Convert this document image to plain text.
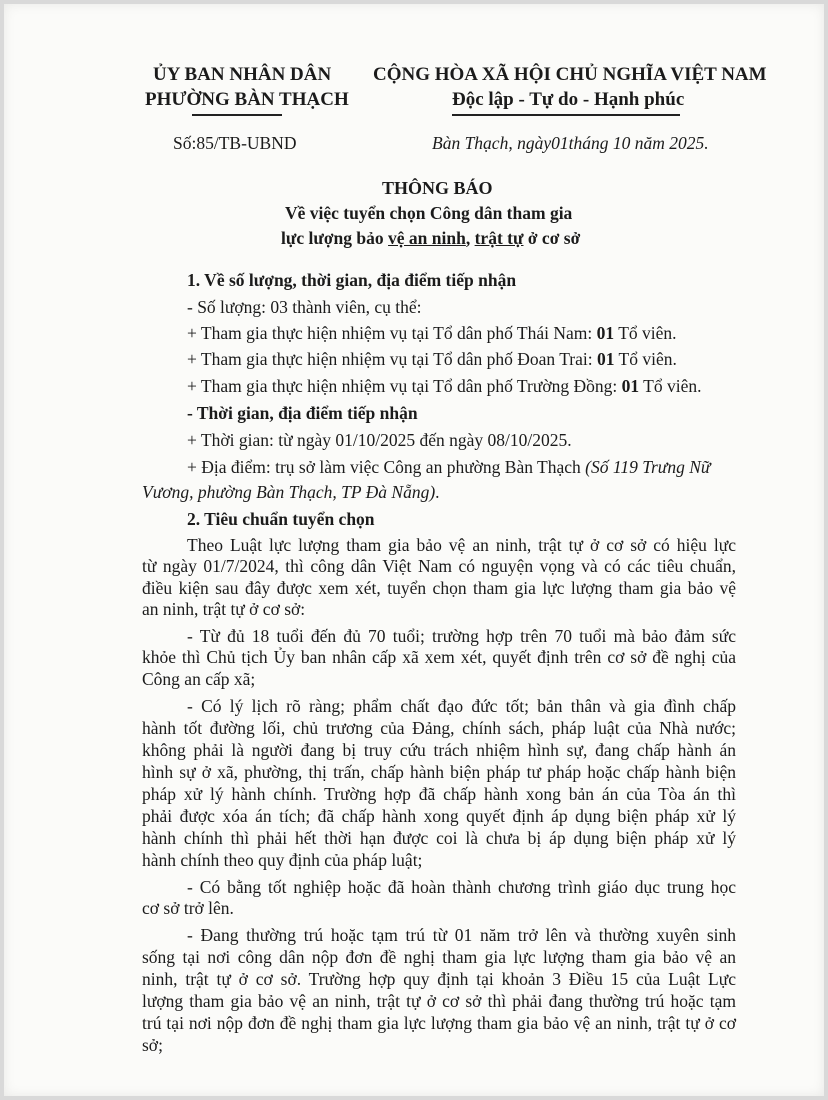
ỦY BAN NHÂN DÂN
PHƯỜNG BÀN THẠCH
CỘNG HÒA XÃ HỘI CHỦ NGHĨA VIỆT NAM
Độc lập - Tự do - Hạnh phúc
Số:85/TB-UBND	Bàn Thạch, ngày01tháng 10 năm 2025.
THÔNG BÁO
Về việc tuyển chọn Công dân tham gia
lực lượng bảo vệ an ninh, trật tự ở cơ sở
1. Về số lượng, thời gian, địa điểm tiếp nhận
- Số lượng: 03 thành viên, cụ thể:
+ Tham gia thực hiện nhiệm vụ tại Tổ dân phố Thái Nam: 01 Tổ viên.
+ Tham gia thực hiện nhiệm vụ tại Tổ dân phố Đoan Trai: 01 Tổ viên.
+ Tham gia thực hiện nhiệm vụ tại Tổ dân phố Trường Đồng: 01 Tổ viên.
- Thời gian, địa điểm tiếp nhận
+ Thời gian: từ ngày 01/10/2025 đến ngày 08/10/2025.
+ Địa điểm: trụ sở làm việc Công an phường Bàn Thạch (Số 119 Trưng Nữ
Vương, phường Bàn Thạch, TP Đà Nẵng).
2. Tiêu chuẩn tuyển chọn
Theo Luật lực lượng tham gia bảo vệ an ninh, trật tự ở cơ sở có hiệu lực
từ ngày 01/7/2024, thì công dân Việt Nam có nguyện vọng và có các tiêu chuẩn,
điều kiện sau đây được xem xét, tuyển chọn tham gia lực lượng tham gia bảo vệ
an ninh, trật tự ở cơ sở:
- Từ đủ 18 tuổi đến đủ 70 tuổi; trường hợp trên 70 tuổi mà bảo đảm sức
khỏe thì Chủ tịch Ủy ban nhân cấp xã xem xét, quyết định trên cơ sở đề nghị của
Công an cấp xã;
- Có lý lịch rõ ràng; phẩm chất đạo đức tốt; bản thân và gia đình chấp
hành tốt đường lối, chủ trương của Đảng, chính sách, pháp luật của Nhà nước;
không phải là người đang bị truy cứu trách nhiệm hình sự, đang chấp hành án
hình sự ở xã, phường, thị trấn, chấp hành biện pháp tư pháp hoặc chấp hành biện
pháp xử lý hành chính. Trường hợp đã chấp hành xong bản án của Tòa án thì
phải được xóa án tích; đã chấp hành xong quyết định áp dụng biện pháp xử lý
hành chính thì phải hết thời hạn được coi là chưa bị áp dụng biện pháp xử lý
hành chính theo quy định của pháp luật;
- Có bằng tốt nghiệp hoặc đã hoàn thành chương trình giáo dục trung học
cơ sở trở lên.
- Đang thường trú hoặc tạm trú từ 01 năm trở lên và thường xuyên sinh
sống tại nơi công dân nộp đơn đề nghị tham gia lực lượng tham gia bảo vệ an
ninh, trật tự ở cơ sở. Trường hợp quy định tại khoản 3 Điều 15 của Luật Lực
lượng tham gia bảo vệ an ninh, trật tự ở cơ sở thì phải đang thường trú hoặc tạm
trú tại nơi nộp đơn đề nghị tham gia lực lượng tham gia bảo vệ an ninh, trật tự ở cơ
sở;
